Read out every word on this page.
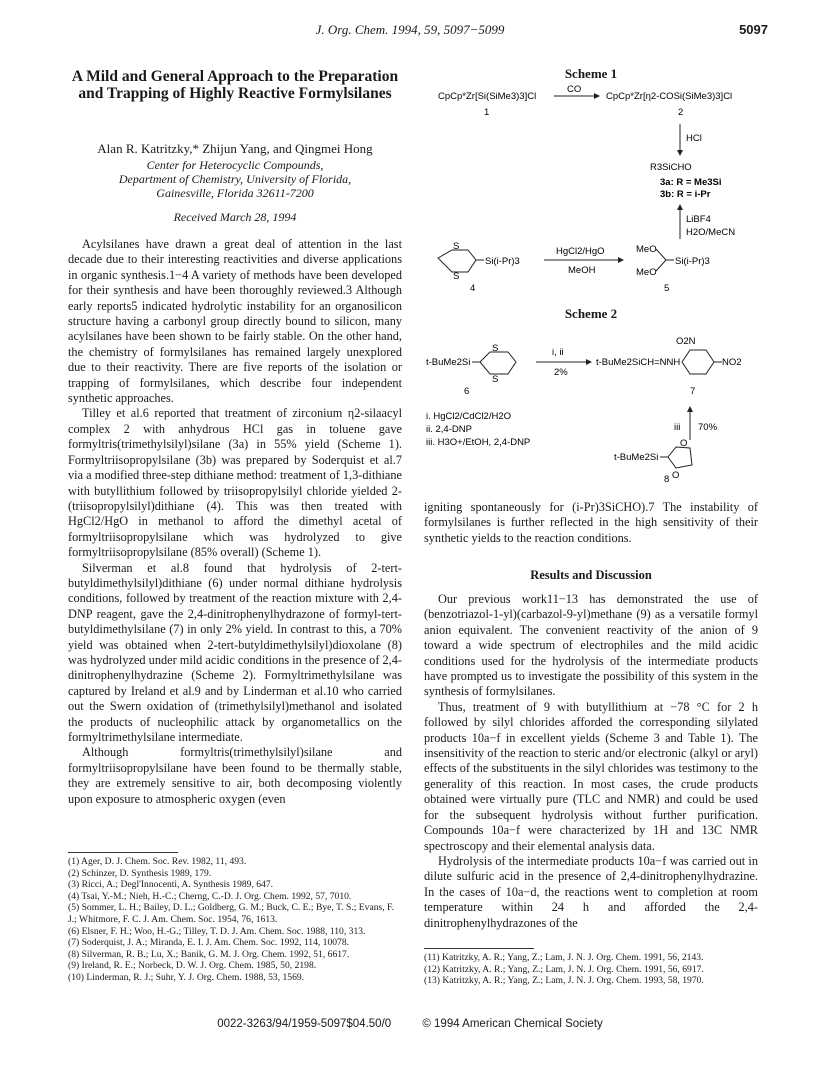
J. Org. Chem. 1994, 59, 5097−5099	5097
A Mild and General Approach to the Preparation and Trapping of Highly Reactive Formylsilanes
Alan R. Katritzky,* Zhijun Yang, and Qingmei Hong
Center for Heterocyclic Compounds,
Department of Chemistry, University of Florida,
Gainesville, Florida 32611-7200
Received March 28, 1994

Acylsilanes have drawn a great deal of attention in the last decade due to their interesting reactivities and diverse applications in organic synthesis.1−4 A variety of methods have been developed for their synthesis and have been thoroughly reviewed.3 Although early reports5 indicated hydrolytic instability for an organosilicon structure having a carbonyl group directly bound to silicon, many acylsilanes have been shown to be fairly stable. On the other hand, the chemistry of formylsilanes has remained largely unexplored due to their reactivity. There are five reports of the isolation or trapping of formylsilanes, which describe four independent synthetic approaches.

Tilley et al.6 reported that treatment of zirconium η2-silaacyl complex 2 with anhydrous HCl gas in toluene gave formyltris(trimethylsilyl)silane (3a) in 55% yield (Scheme 1). Formyltriisopropylsilane (3b) was prepared by Soderquist et al.7 via a modified three-step dithiane method: treatment of 1,3-dithiane with butyllithium followed by triisopropylsilyl chloride yielded 2-(triisopropylsilyl)dithiane (4). This was then treated with HgCl2/HgO in methanol to afford the dimethyl acetal of formyltriisopropylsilane which was hydrolyzed to give formyltriisopropylsilane (85% overall) (Scheme 1).

Silverman et al.8 found that hydrolysis of 2-tert-butyldimethylsilyl)dithiane (6) under normal dithiane hydrolysis conditions, followed by treatment of the reaction mixture with 2,4-DNP reagent, gave the 2,4-dinitrophenylhydrazone of formyl-tert-butyldimethylsilane (7) in only 2% yield. In contrast to this, a 70% yield was obtained when 2-tert-butyldimethylsilyl)dioxolane (8) was hydrolyzed under mild acidic conditions in the presence of 2,4-dinitrophenylhydrazine (Scheme 2). Formyltrimethylsilane was captured by Ireland et al.9 and by Linderman et al.10 who carried out the Swern oxidation of (trimethylsilyl)methanol and isolated the products of nucleophilic attack by organometallics on the formyltrimethylsilane intermediate.

Although formyltris(trimethylsilyl)silane and formyltriisopropylsilane have been found to be thermally stable, they are extremely sensitive to air, both decomposing violently upon exposure to atmospheric oxygen (even

(1) Ager, D. J. Chem. Soc. Rev. 1982, 11, 493.
(2) Schinzer, D. Synthesis 1989, 179.
(3) Ricci, A.; Degl'Innocenti, A. Synthesis 1989, 647.
(4) Tsai, Y.-M.; Nieh, H.-C.; Cherng, C.-D. J. Org. Chem. 1992, 57, 7010.
(5) Sommer, L. H.; Bailey, D. L.; Goldberg, G. M.; Buck, C. E.; Bye, T. S.; Evans, F. J.; Whitmore, F. C. J. Am. Chem. Soc. 1954, 76, 1613.
(6) Elsner, F. H.; Woo, H.-G.; Tilley, T. D. J. Am. Chem. Soc. 1988, 110, 313.
(7) Soderquist, J. A.; Miranda, E. I. J. Am. Chem. Soc. 1992, 114, 10078.
(8) Silverman, R. B.; Lu, X.; Banik, G. M. J. Org. Chem. 1992, 51, 6617.
(9) Ireland, R. E.; Norbeck, D. W. J. Org. Chem. 1985, 50, 2198.
(10) Linderman, R. J.; Suhr, Y. J. Org. Chem. 1988, 53, 1569.
Scheme 1
CpCp*Zr[Si(SiMe3)3]Cl
CO
CpCp*Zr[η2-COSi(SiMe3)3]Cl
1	2
HCl
R3SiCHO
3a: R = Me3Si
3b: R = i-Pr
LiBF4
H2O/MeCN
S
S
Si(i-Pr)3
4
HgCl2/HgO
MeOH
MeO
MeO
Si(i-Pr)3
5
Scheme 2
t-BuMe2Si
S
S
6
i, ii
2%
t-BuMe2SiCH=NNH
O2N
NO2
7
i. HgCl2/CdCl2/H2O
ii. 2,4-DNP
iii. H3O+/EtOH, 2,4-DNP
iii 70%
t-BuMe2Si
O
O
8

igniting spontaneously for (i-Pr)3SiCHO).7 The instability of formylsilanes is further reflected in the high sensitivity of their synthetic yields to the reaction conditions.

Results and Discussion

Our previous work11−13 has demonstrated the use of (benzotriazol-1-yl)(carbazol-9-yl)methane (9) as a versatile formyl anion equivalent. The convenient reactivity of the anion of 9 toward a wide spectrum of electrophiles and the mild acidic conditions used for the hydrolysis of the intermediate products have prompted us to investigate the possibility of this system in the synthesis of formylsilanes.

Thus, treatment of 9 with butyllithium at −78 °C for 2 h followed by silyl chlorides afforded the corresponding silylated products 10a−f in excellent yields (Scheme 3 and Table 1). The insensitivity of the reaction to steric and/or electronic (alkyl or aryl) effects of the substituents in the silyl chlorides was testimony to the generality of this reaction. In most cases, the crude products obtained were virtually pure (TLC and NMR) and could be used for the subsequent hydrolysis without further purification. Compounds 10a−f were characterized by 1H and 13C NMR spectroscopy and their elemental analysis data.

Hydrolysis of the intermediate products 10a−f was carried out in dilute sulfuric acid in the presence of 2,4-dinitrophenylhydrazine. In the cases of 10a−d, the reactions went to completion at room temperature within 24 h and afforded the 2,4-dinitrophenylhydrazones of the

(11) Katritzky, A. R.; Yang, Z.; Lam, J. N. J. Org. Chem. 1991, 56, 2143.
(12) Katritzky, A. R.; Yang, Z.; Lam, J. N. J. Org. Chem. 1991, 56, 6917.
(13) Katritzky, A. R.; Yang, Z.; Lam, J. N. J. Org. Chem. 1993, 58, 1970.
0022-3263/94/1959-5097$04.50/0	© 1994 American Chemical Society
